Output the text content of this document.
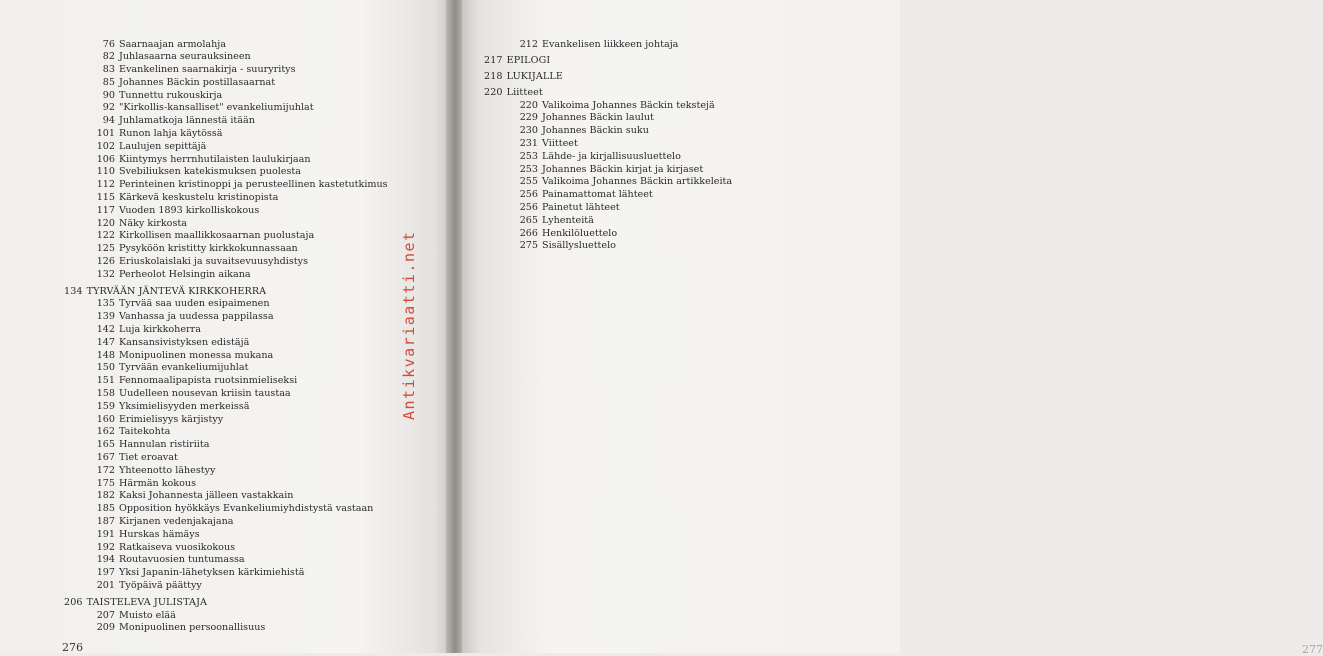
76 Saarnaajan armolahja
82 Juhlasaarna seurauksineen
83 Evankelinen saarnakirja - suuryritys
85 Johannes Bäckin postillasaarnat
90 Tunnettu rukouskirja
92 "Kirkollis-kansalliset" evankeliumijuhlat
94 Juhlamatkoja lännestä itään
101 Runon lahja käytössä
102 Laulujen sepittäjä
106 Kiintymys herrnhutilaisten laulukirjaan
110 Svebiliuksen katekismuksen puolesta
112 Perinteinen kristinoppi ja perusteellinen kastetutkimus
115 Kärkevä keskustelu kristinopista
117 Vuoden 1893 kirkolliskokous
120 Näky kirkosta
122 Kirkollisen maallikkosaarnan puolustaja
125 Pysyköön kristitty kirkkokunnassaan
126 Eriuskolaislaki ja suvaitsevuusyhdistys
132 Perheolot Helsingin aikana
134 TYRVÄÄN JÄNTEVÄ KIRKKOHERRA
135 Tyrvää saa uuden esipaimenen
139 Vanhassa ja uudessa pappilassa
142 Luja kirkkoherra
147 Kansansivistyksen edistäjä
148 Monipuolinen monessa mukana
150 Tyrvään evankeliumijuhlat
151 Fennomaalipapista ruotsinmieliseksi
158 Uudelleen nousevan kriisin taustaa
159 Yksimielisyyden merkeissä
160 Erimielisyys kärjistyy
162 Taitekohta
165 Hannulan ristiriita
167 Tiet eroavat
172 Yhteenotto lähestyy
175 Härmän kokous
182 Kaksi Johannesta jälleen vastakkain
185 Opposition hyökkäys Evankeliumiyhdistystä vastaan
187 Kirjanen vedenjakajana
191 Hurskas hämäys
192 Ratkaiseva vuosikokous
194 Routavuosien tuntumassa
197 Yksi Japanin-lähetyksen kärkimiehistä
201 Työpäivä päättyy
206 TAISTELEVA JULISTAJA
207 Muisto elää
209 Monipuolinen persoonallisuus
276	277
212 Evankelisen liikkeen johtaja
217 EPILOGI
218 LUKIJALLE
220 Liitteet
220 Valikoima Johannes Bäckin tekstejä
229 Johannes Bäckin laulut
230 Johannes Bäckin suku
231 Viitteet
253 Lähde- ja kirjallisuusluettelo
253 Johannes Bäckin kirjat ja kirjaset
255 Valikoima Johannes Bäckin artikkeleita
256 Painamattomat lähteet
256 Painetut lähteet
265 Lyhenteitä
266 Henkilöluettelo
275 Sisällysluettelo
Antikvariaatti.net
